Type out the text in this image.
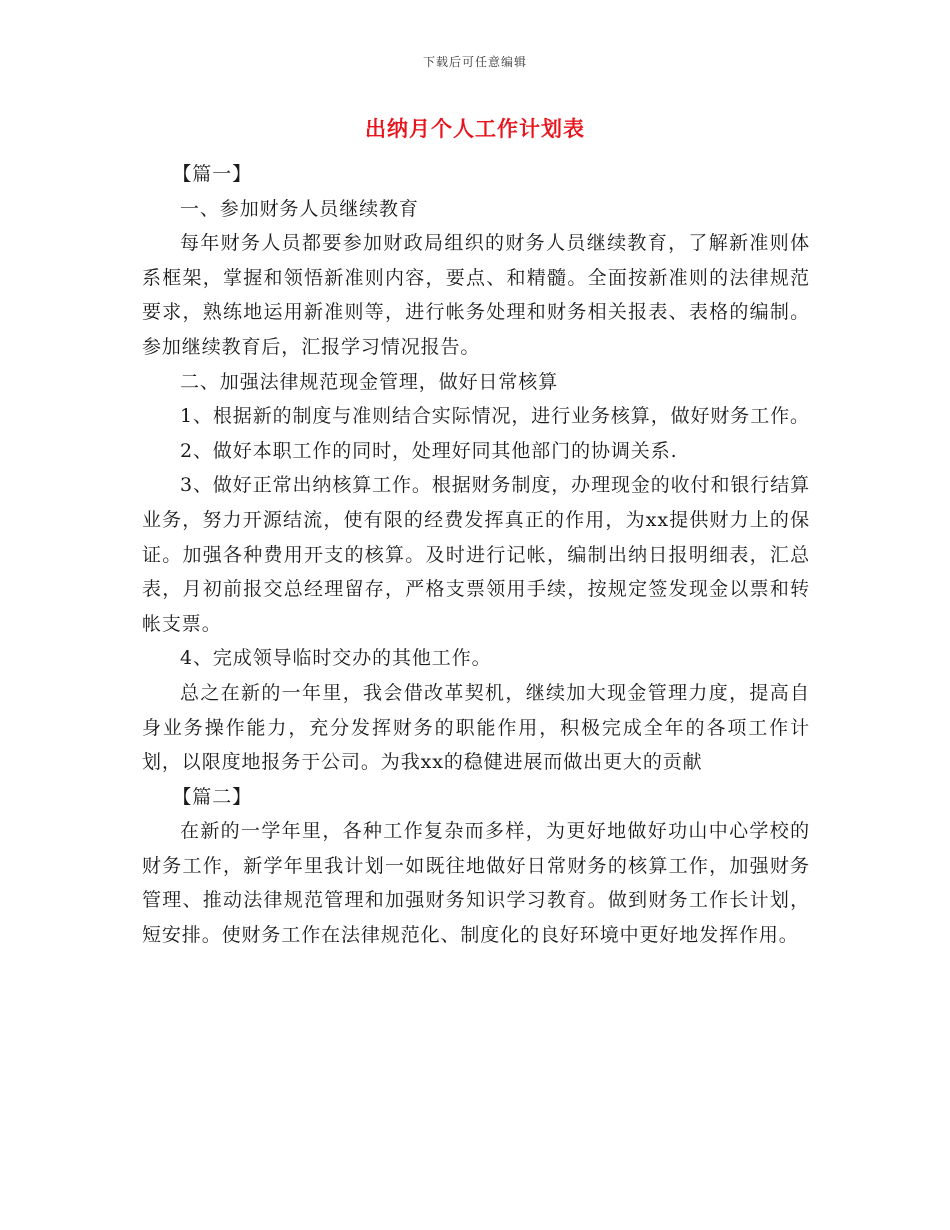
下载后可任意编辑
出纳月个人工作计划表

【篇一】

一、参加财务人员继续教育

每年财务人员都要参加财政局组织的财务人员继续教育，了解新准则体系框架，掌握和领悟新准则内容，要点、和精髓。全面按新准则的法律规范要求，熟练地运用新准则等，进行帐务处理和财务相关报表、表格的编制。参加继续教育后，汇报学习情况报告。

二、加强法律规范现金管理，做好日常核算

1、根据新的制度与准则结合实际情况，进行业务核算，做好财务工作。

2、做好本职工作的同时，处理好同其他部门的协调关系.

3、做好正常出纳核算工作。根据财务制度，办理现金的收付和银行结算业务，努力开源结流，使有限的经费发挥真正的作用，为xx提供财力上的保证。加强各种费用开支的核算。及时进行记帐，编制出纳日报明细表，汇总表，月初前报交总经理留存，严格支票领用手续，按规定签发现金以票和转帐支票。

4、完成领导临时交办的其他工作。

总之在新的一年里，我会借改革契机，继续加大现金管理力度，提高自身业务操作能力，充分发挥财务的职能作用，积极完成全年的各项工作计划，以限度地报务于公司。为我xx的稳健进展而做出更大的贡献

【篇二】

在新的一学年里，各种工作复杂而多样，为更好地做好功山中心学校的财务工作，新学年里我计划一如既往地做好日常财务的核算工作，加强财务管理、推动法律规范管理和加强财务知识学习教育。做到财务工作长计划，短安排。使财务工作在法律规范化、制度化的良好环境中更好地发挥作用。
